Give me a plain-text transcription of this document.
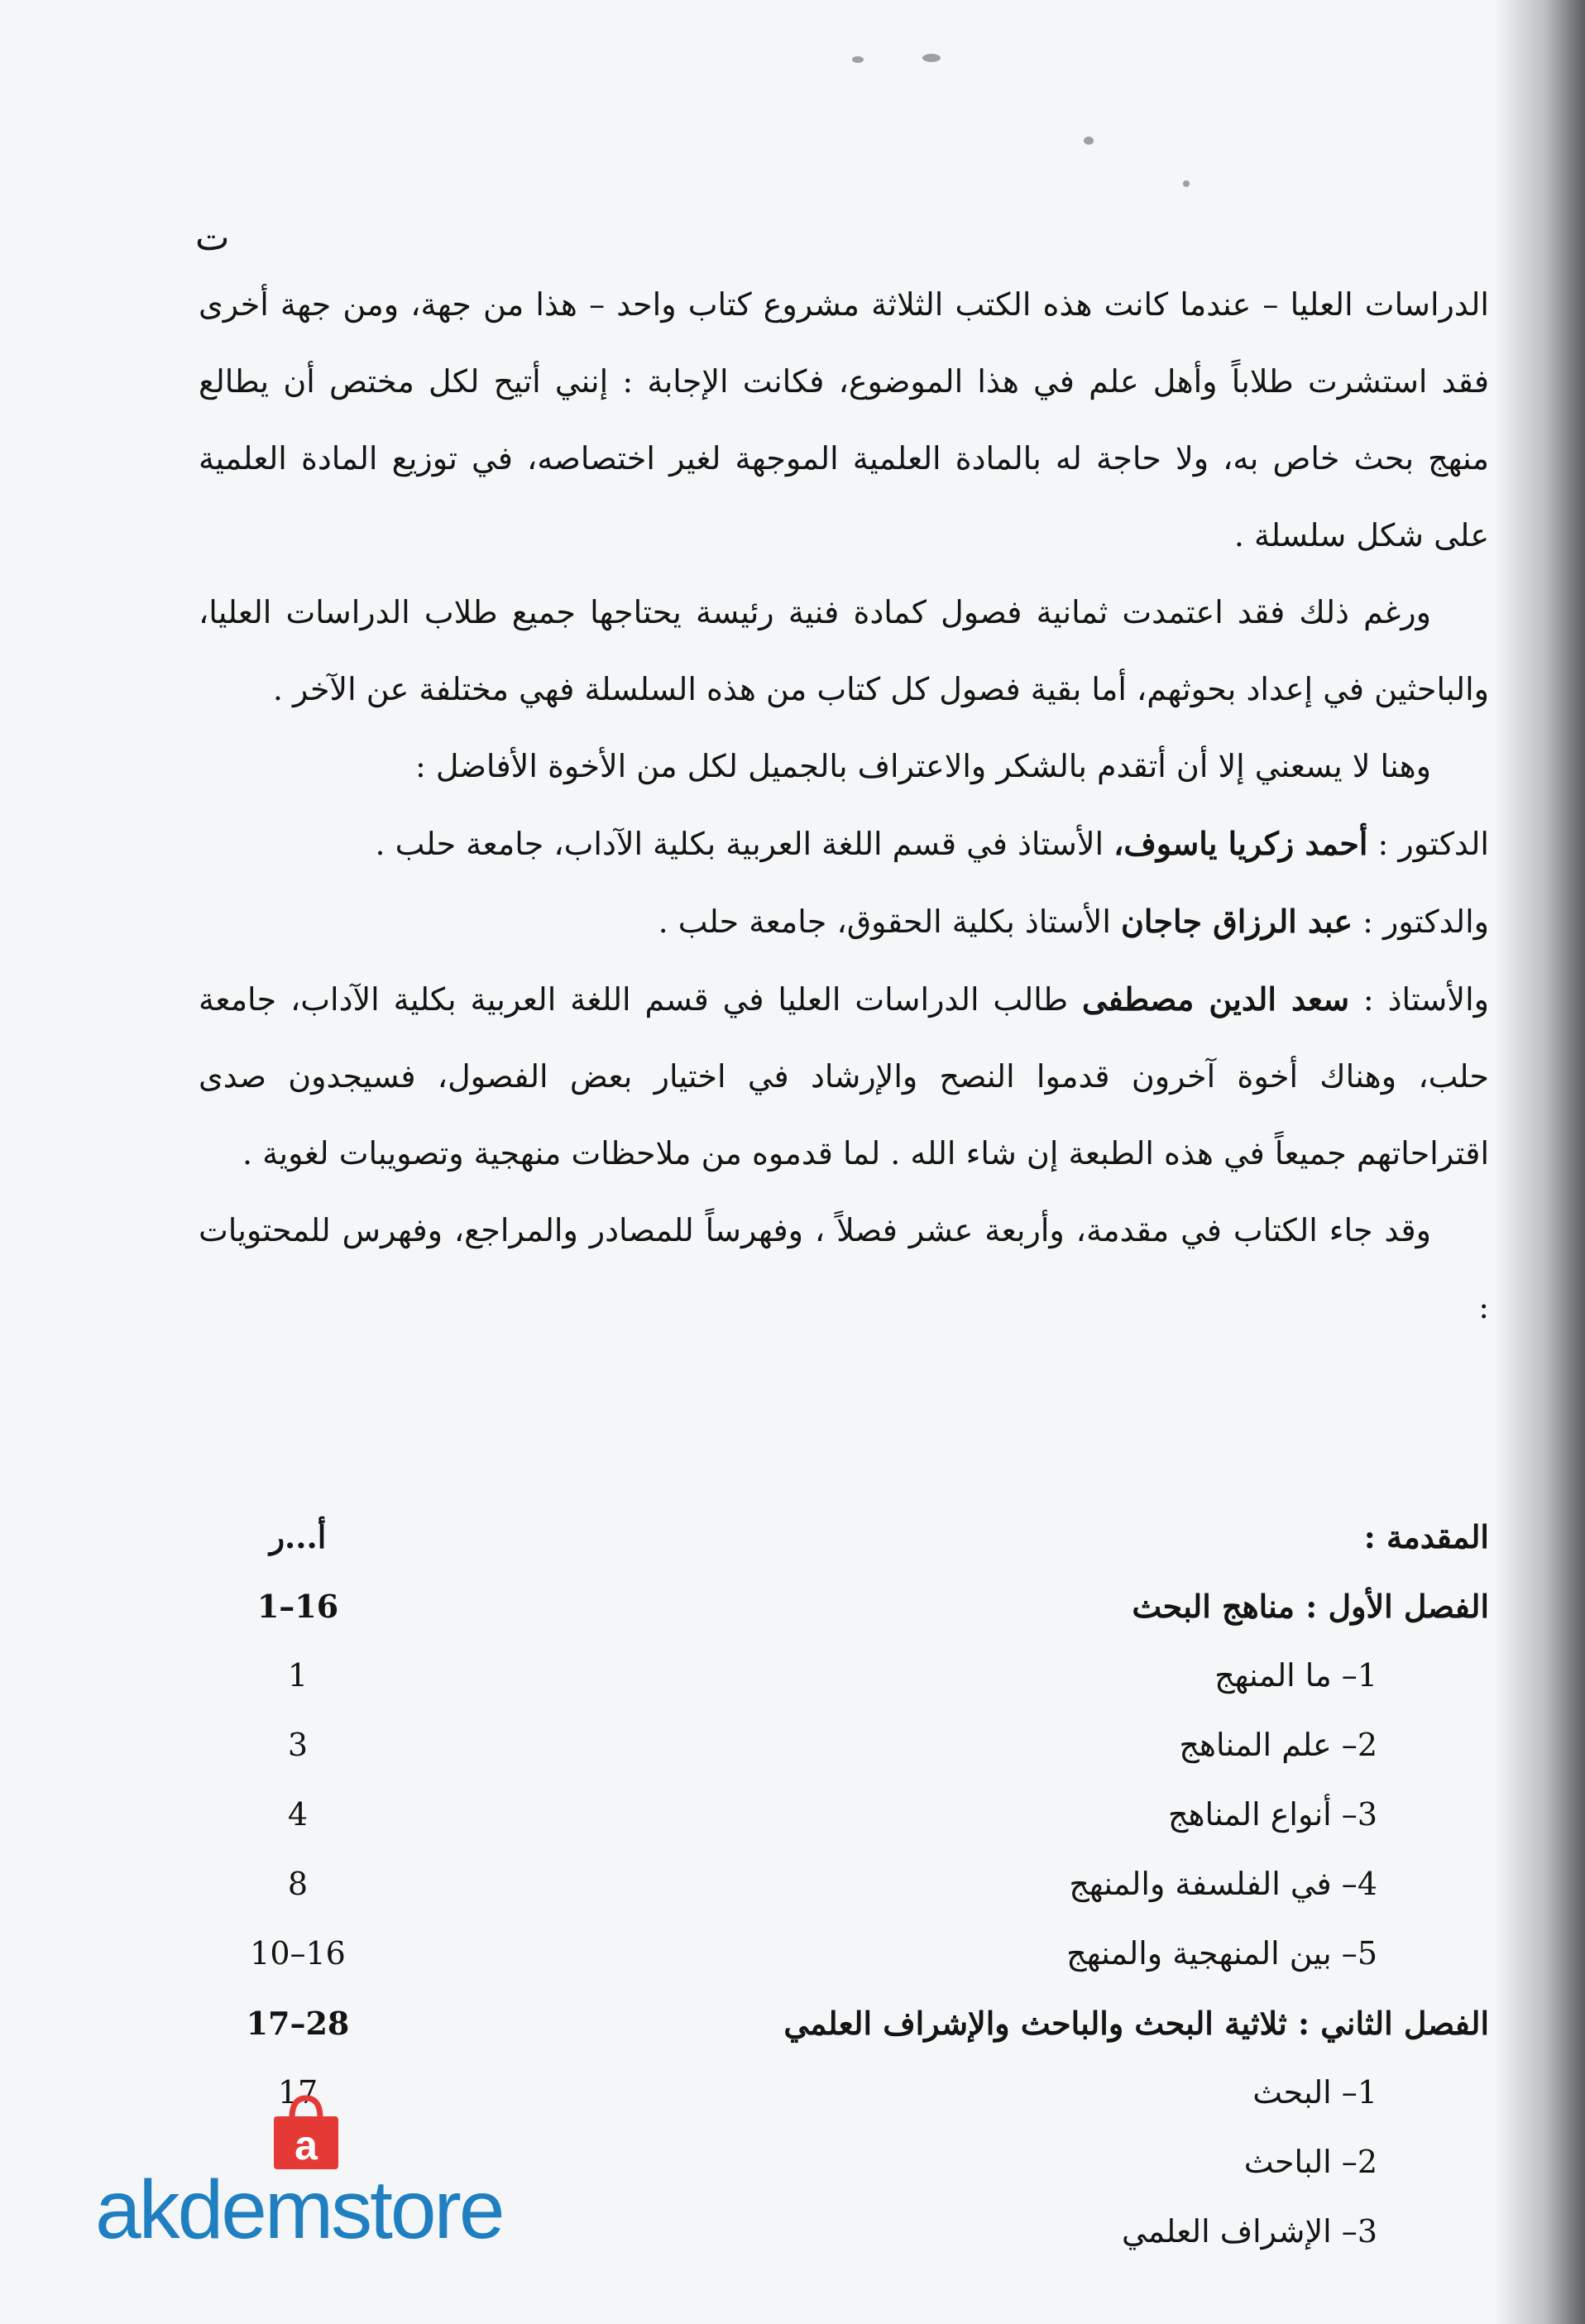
ت

الدراسات العليا – عندما كانت هذه الكتب الثلاثة مشروع كتاب واحد – هذا من جهة، ومن جهة أخرى فقد استشرت طلاباً وأهل علم في هذا الموضوع، فكانت الإجابة : إنني أتيح لكل مختص أن يطالع منهج بحث خاص به، ولا حاجة له بالمادة العلمية الموجهة لغير اختصاصه، في توزيع المادة العلمية على شكل سلسلة .

ورغم ذلك فقد اعتمدت ثمانية فصول كمادة فنية رئيسة يحتاجها جميع طلاب الدراسات العليا، والباحثين في إعداد بحوثهم، أما بقية فصول كل كتاب من هذه السلسلة فهي مختلفة عن الآخر .

وهنا لا يسعني إلا أن أتقدم بالشكر والاعتراف بالجميل لكل من الأخوة الأفاضل :

الدكتور : أحمد زكريا ياسوف، الأستاذ في قسم اللغة العربية بكلية الآداب، جامعة حلب .

والدكتور : عبد الرزاق جاجان الأستاذ بكلية الحقوق، جامعة حلب .

والأستاذ : سعد الدين مصطفى طالب الدراسات العليا في قسم اللغة العربية بكلية الآداب، جامعة حلب، وهناك أخوة آخرون قدموا النصح والإرشاد في اختيار بعض الفصول، فسيجدون صدى اقتراحاتهم جميعاً في هذه الطبعة إن شاء الله . لما قدموه من ملاحظات منهجية وتصويبات لغوية .

وقد جاء الكتاب في مقدمة، وأربعة عشر فصلاً ، وفهرساً للمصادر والمراجع، وفهرس للمحتويات :

أ...ر	المقدمة :
1–16	الفصل الأول : مناهج البحث
1	1– ما المنهج
3	2– علم المناهج
4	3– أنواع المناهج
8	4– في الفلسفة والمنهج
10–16	5– بين المنهجية والمنهج
17–28	الفصل الثاني : ثلاثية البحث والباحث والإشراف العلمي
17	1– البحث
2– الباحث
3– الإشراف العلمي
a
akdemstore
